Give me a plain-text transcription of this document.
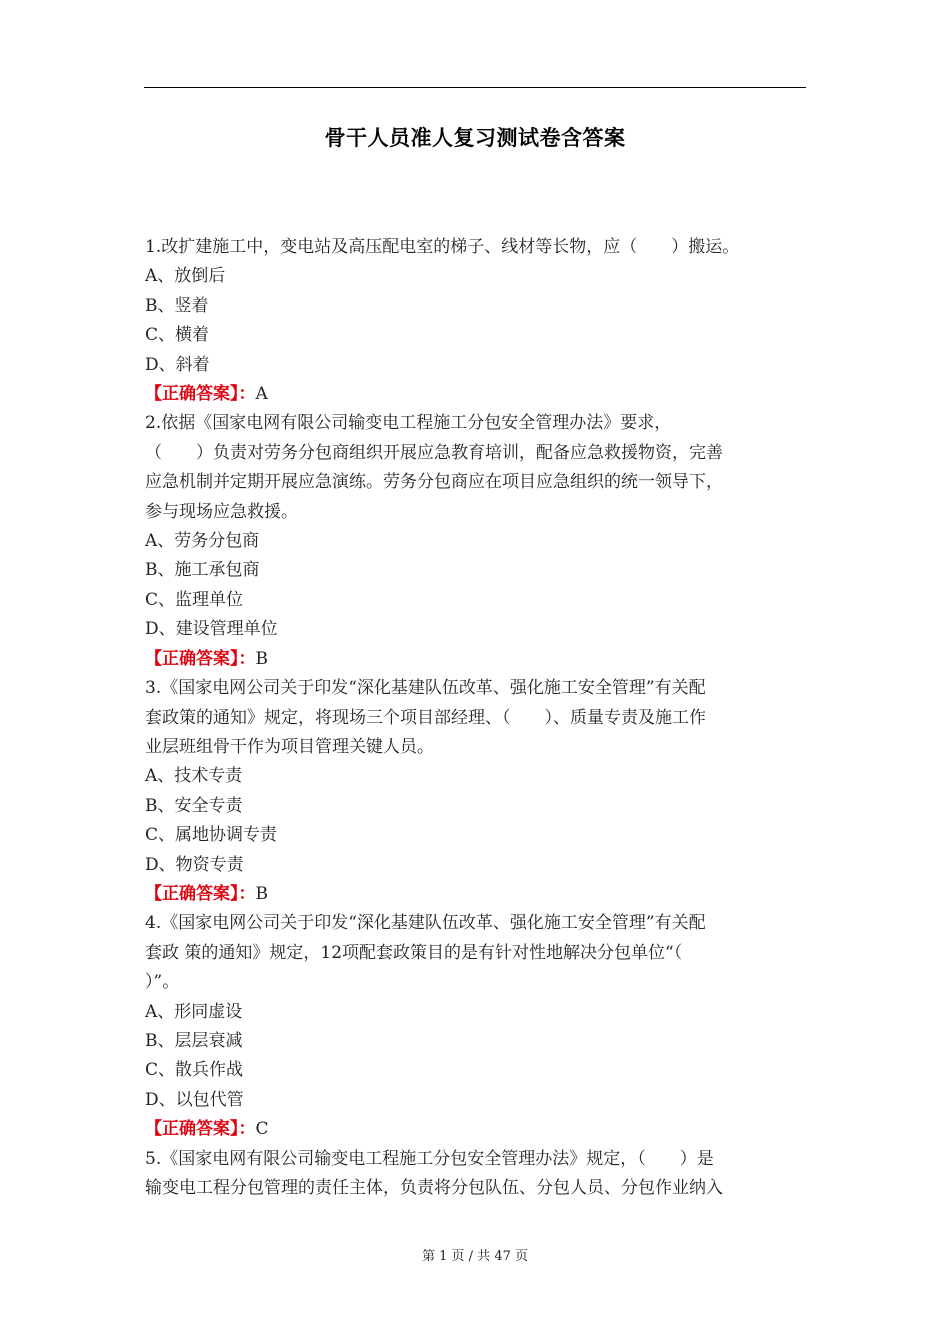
骨干人员准人复习测试卷含答案
1.改扩建施工中，变电站及高压配电室的梯子、线材等长物，应（　　）搬运。
A、放倒后
B、竖着
C、横着
D、斜着
【正确答案】：A
2.依据《国家电网有限公司输变电工程施工分包安全管理办法》要求，
（　　）负责对劳务分包商组织开展应急教育培训，配备应急救援物资，完善
应急机制并定期开展应急演练。劳务分包商应在项目应急组织的统一领导下，
参与现场应急救援。
A、劳务分包商
B、施工承包商
C、监理单位
D、建设管理单位
【正确答案】：B
3.《国家电网公司关于印发“深化基建队伍改革、强化施工安全管理”有关配
套政策的通知》规定，将现场三个项目部经理、（　　）、质量专责及施工作
业层班组骨干作为项目管理关键人员。
A、技术专责
B、安全专责
C、属地协调专责
D、物资专责
【正确答案】：B
4.《国家电网公司关于印发“深化基建队伍改革、强化施工安全管理”有关配
套政 策的通知》规定，12项配套政策目的是有针对性地解决分包单位“（
）”。
A、形同虚设
B、层层衰减
C、散兵作战
D、以包代管
【正确答案】：C
5.《国家电网有限公司输变电工程施工分包安全管理办法》规定，（　　）是
输变电工程分包管理的责任主体，负责将分包队伍、分包人员、分包作业纳入
第 1 页 / 共 47 页
